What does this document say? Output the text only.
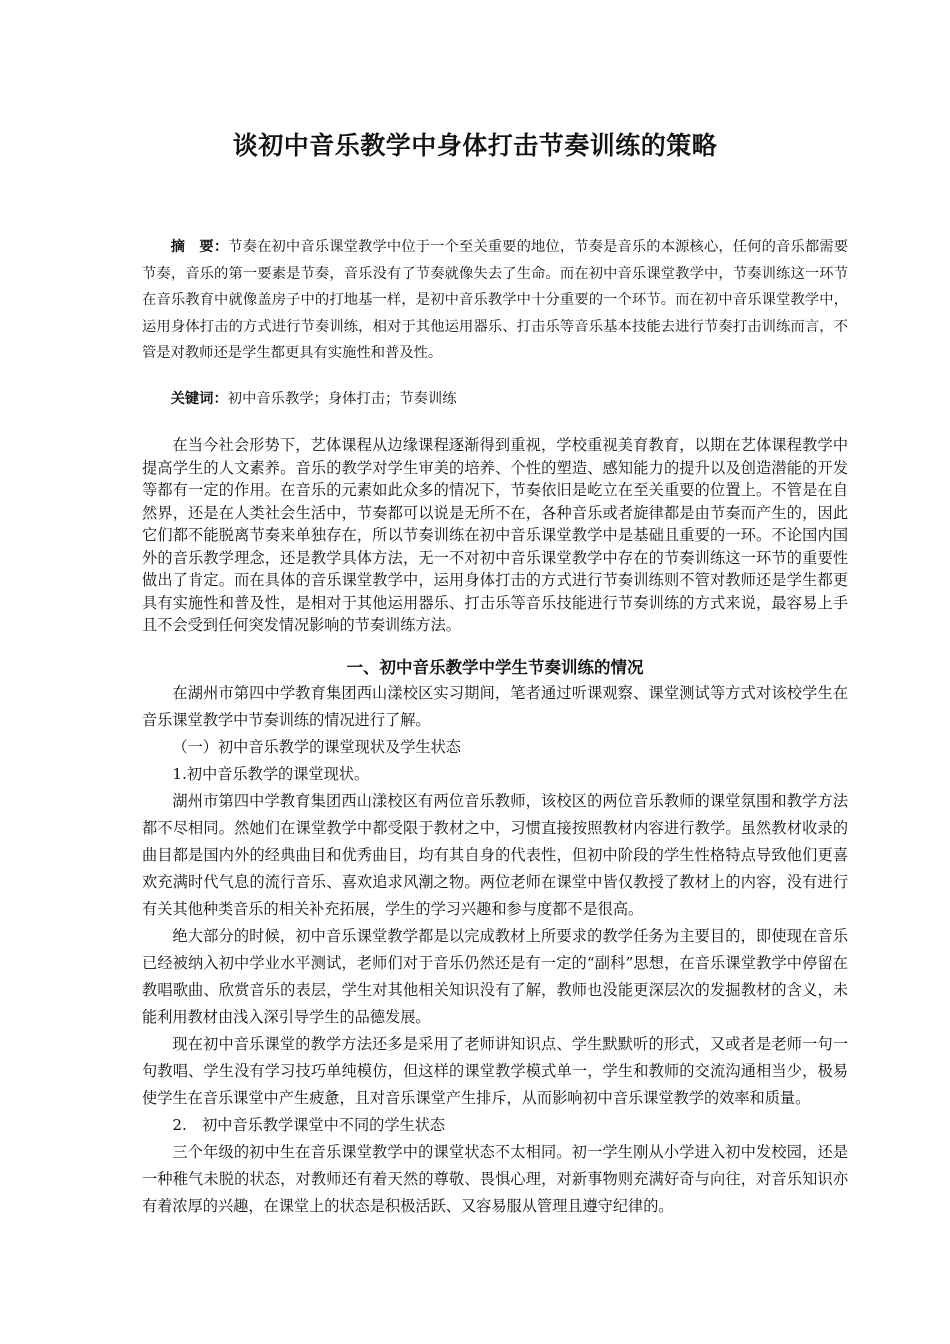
谈初中音乐教学中身体打击节奏训练的策略

摘　要：节奏在初中音乐课堂教学中位于一个至关重要的地位，节奏是音乐的本源核心，任何的音乐都需要节奏，音乐的第一要素是节奏，音乐没有了节奏就像失去了生命。而在初中音乐课堂教学中，节奏训练这一环节在音乐教育中就像盖房子中的打地基一样，是初中音乐教学中十分重要的一个环节。而在初中音乐课堂教学中，运用身体打击的方式进行节奏训练，相对于其他运用器乐、打击乐等音乐基本技能去进行节奏打击训练而言，不管是对教师还是学生都更具有实施性和普及性。

关键词：初中音乐教学；身体打击；节奏训练

在当今社会形势下，艺体课程从边缘课程逐渐得到重视，学校重视美育教育，以期在艺体课程教学中提高学生的人文素养。音乐的教学对学生审美的培养、个性的塑造、感知能力的提升以及创造潜能的开发等都有一定的作用。在音乐的元素如此众多的情况下，节奏依旧是屹立在至关重要的位置上。不管是在自然界，还是在人类社会生活中，节奏都可以说是无所不在，各种音乐或者旋律都是由节奏而产生的，因此它们都不能脱离节奏来单独存在，所以节奏训练在初中音乐课堂教学中是基础且重要的一环。不论国内国外的音乐教学理念，还是教学具体方法，无一不对初中音乐课堂教学中存在的节奏训练这一环节的重要性做出了肯定。而在具体的音乐课堂教学中，运用身体打击的方式进行节奏训练则不管对教师还是学生都更具有实施性和普及性，是相对于其他运用器乐、打击乐等音乐技能进行节奏训练的方式来说，最容易上手且不会受到任何突发情况影响的节奏训练方法。

一、初中音乐教学中学生节奏训练的情况

在湖州市第四中学教育集团西山漾校区实习期间，笔者通过听课观察、课堂测试等方式对该校学生在音乐课堂教学中节奏训练的情况进行了解。

（一）初中音乐教学的课堂现状及学生状态

1.初中音乐教学的课堂现状。

湖州市第四中学教育集团西山漾校区有两位音乐教师，该校区的两位音乐教师的课堂氛围和教学方法都不尽相同。然她们在课堂教学中都受限于教材之中，习惯直接按照教材内容进行教学。虽然教材收录的曲目都是国内外的经典曲目和优秀曲目，均有其自身的代表性，但初中阶段的学生性格特点导致他们更喜欢充满时代气息的流行音乐、喜欢追求风潮之物。两位老师在课堂中皆仅教授了教材上的内容，没有进行有关其他种类音乐的相关补充拓展，学生的学习兴趣和参与度都不是很高。

绝大部分的时候，初中音乐课堂教学都是以完成教材上所要求的教学任务为主要目的，即使现在音乐已经被纳入初中学业水平测试，老师们对于音乐仍然还是有一定的“副科”思想，在音乐课堂教学中停留在教唱歌曲、欣赏音乐的表层，学生对其他相关知识没有了解，教师也没能更深层次的发掘教材的含义，未能利用教材由浅入深引导学生的品德发展。

现在初中音乐课堂的教学方法还多是采用了老师讲知识点、学生默默听的形式，又或者是老师一句一句教唱、学生没有学习技巧单纯模仿，但这样的课堂教学模式单一，学生和教师的交流沟通相当少，极易使学生在音乐课堂中产生疲惫，且对音乐课堂产生排斥，从而影响初中音乐课堂教学的效率和质量。

2.　初中音乐教学课堂中不同的学生状态

三个年级的初中生在音乐课堂教学中的课堂状态不太相同。初一学生刚从小学进入初中发校园，还是一种稚气未脱的状态，对教师还有着天然的尊敬、畏惧心理，对新事物则充满好奇与向往，对音乐知识亦有着浓厚的兴趣，在课堂上的状态是积极活跃、又容易服从管理且遵守纪律的。
